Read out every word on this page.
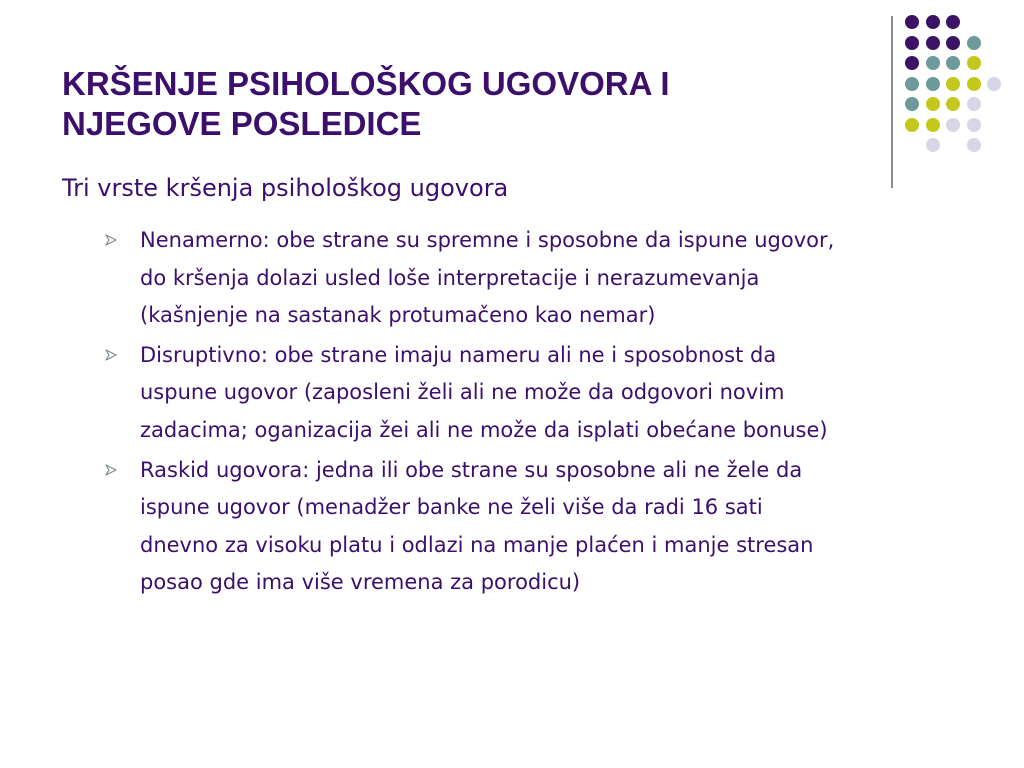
KRŠENJE PSIHOLOŠKOG UGOVORA I
NJEGOVE POSLEDICE

Tri vrste kršenja psihološkog ugovora

Nenamerno: obe strane su spremne i sposobne da ispune ugovor,
do kršenja dolazi usled loše interpretacije i nerazumevanja
(kašnjenje na sastanak protumačeno kao nemar)
Disruptivno: obe strane imaju nameru ali ne i sposobnost da
uspune ugovor (zaposleni želi ali ne može da odgovori novim
zadacima; oganizacija žei ali ne može da isplati obećane bonuse)
Raskid ugovora: jedna ili obe strane su sposobne ali ne žele da
ispune ugovor (menadžer banke ne želi više da radi 16 sati
dnevno za visoku platu i odlazi na manje plaćen i manje stresan
posao gde ima više vremena za porodicu)
